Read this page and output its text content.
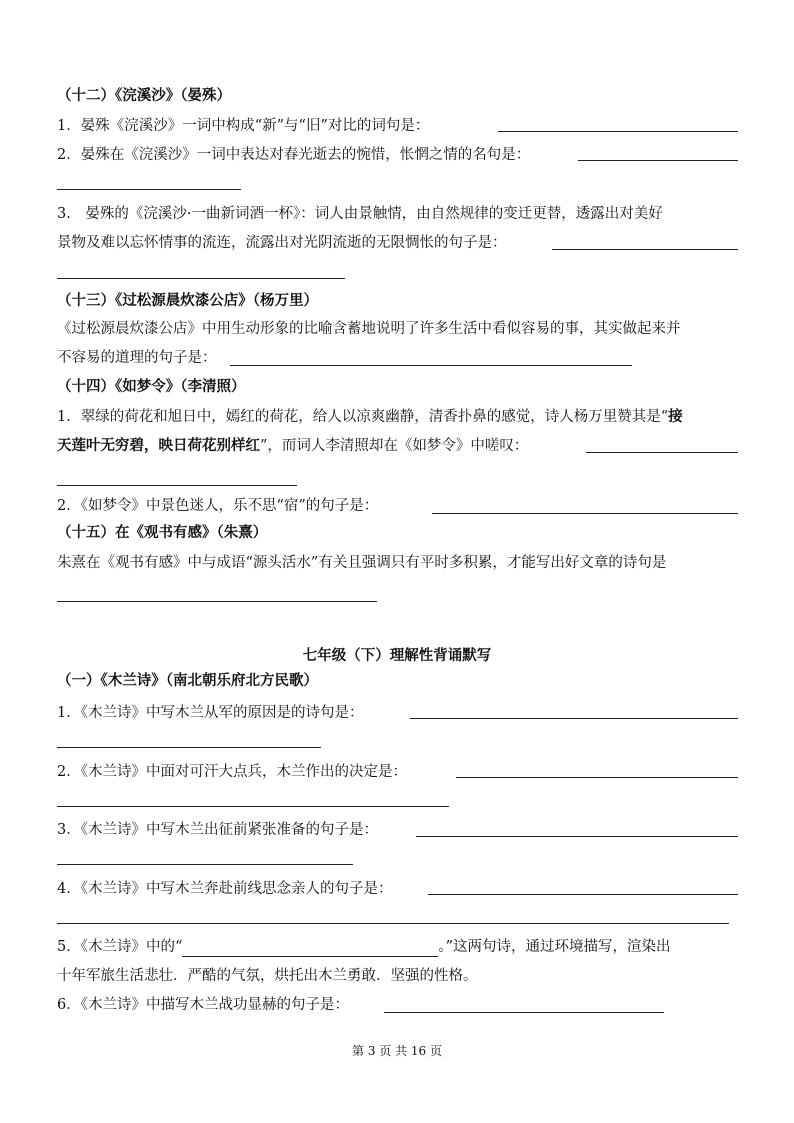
（十二）《浣溪沙》（晏殊）
1．晏殊《浣溪沙》一词中构成“新”与“旧”对比的词句是：
2．晏殊在《浣溪沙》一词中表达对春光逝去的惋惜，怅惘之情的名句是：
3.　晏殊的《浣溪沙·一曲新词酒一杯》：词人由景触情，由自然规律的变迁更替，透露出对美好
景物及难以忘怀情事的流连，流露出对光阴流逝的无限惆怅的句子是：
（十三）《过松源晨炊漆公店》（杨万里）
《过松源晨炊漆公店》中用生动形象的比喻含蓄地说明了许多生活中看似容易的事，其实做起来并
不容易的道理的句子是：
（十四）《如梦令》（李清照）
1．翠绿的荷花和旭日中，嫣红的荷花，给人以凉爽幽静，清香扑鼻的感觉，诗人杨万里赞其是“接
天莲叶无穷碧，映日荷花别样红”，而词人李清照却在《如梦令》中嗟叹：
2．《如梦令》中景色迷人，乐不思“宿”的句子是：
（十五）在《观书有感》（朱熹）
朱熹在《观书有感》中与成语“源头活水”有关且强调只有平时多积累，才能写出好文章的诗句是
七年级（下）理解性背诵默写
（一）《木兰诗》（南北朝乐府北方民歌）
1．《木兰诗》中写木兰从军的原因是的诗句是：
2．《木兰诗》中面对可汗大点兵，木兰作出的决定是：
3．《木兰诗》中写木兰出征前紧张准备的句子是：
4．《木兰诗》中写木兰奔赴前线思念亲人的句子是：
5．《木兰诗》中的“	。”这两句诗，通过环境描写，渲染出
十年军旅生活悲壮．严酷的气氛，烘托出木兰勇敢．坚强的性格。
6．《木兰诗》中描写木兰战功显赫的句子是：
第 3 页 共 16 页
